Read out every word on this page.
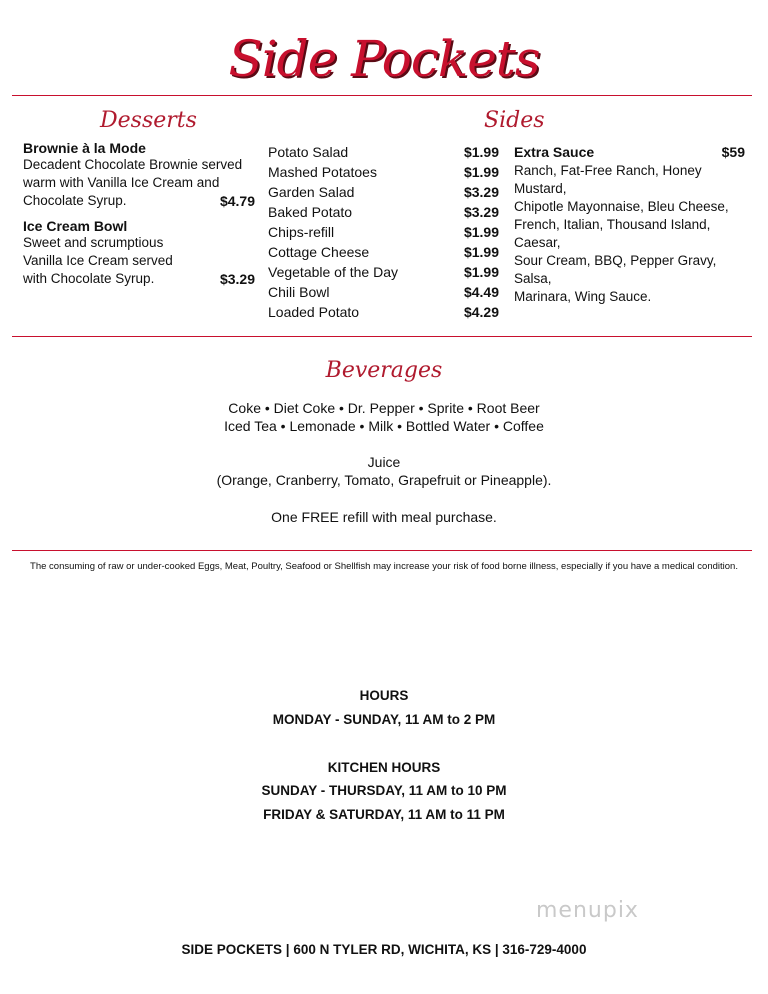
Side Pockets
Desserts
Brownie à la Mode
Decadent Chocolate Brownie served
warm with Vanilla Ice Cream and
Chocolate Syrup.	$4.79
Ice Cream Bowl
Sweet and scrumptious
Vanilla Ice Cream served
with Chocolate Syrup.	$3.29
Sides
Potato Salad	$1.99
Mashed Potatoes	$1.99
Garden Salad	$3.29
Baked Potato	$3.29
Chips-refill	$1.99
Cottage Cheese	$1.99
Vegetable of the Day	$1.99
Chili Bowl	$4.49
Loaded Potato	$4.29
Extra Sauce	$59
Ranch, Fat-Free Ranch, Honey Mustard,
Chipotle Mayonnaise, Bleu Cheese,
French, Italian, Thousand Island, Caesar,
Sour Cream, BBQ, Pepper Gravy, Salsa,
Marinara, Wing Sauce.
Beverages
Coke • Diet Coke • Dr. Pepper • Sprite • Root Beer
Iced Tea • Lemonade • Milk • Bottled Water • Coffee
Juice
(Orange, Cranberry, Tomato, Grapefruit or Pineapple).
One FREE refill with meal purchase.
The consuming of raw or under-cooked Eggs, Meat, Poultry, Seafood or Shellfish may increase your risk of food borne illness, especially if you have a medical condition.
HOURS
MONDAY - SUNDAY, 11 AM to 2 PM
KITCHEN HOURS
SUNDAY - THURSDAY, 11 AM to 10 PM
FRIDAY & SATURDAY, 11 AM to 11 PM
menupix
SIDE POCKETS | 600 N TYLER RD, WICHITA, KS | 316-729-4000
